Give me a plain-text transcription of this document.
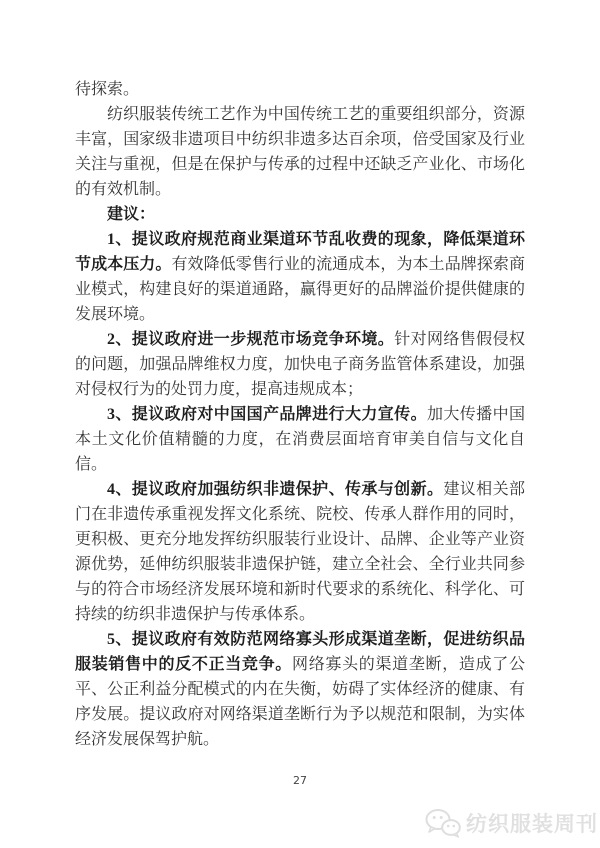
待探索。

纺织服装传统工艺作为中国传统工艺的重要组织部分，资源丰富，国家级非遗项目中纺织非遗多达百余项，倍受国家及行业关注与重视，但是在保护与传承的过程中还缺乏产业化、市场化的有效机制。

建议：

1、提议政府规范商业渠道环节乱收费的现象，降低渠道环节成本压力。有效降低零售行业的流通成本，为本土品牌探索商业模式，构建良好的渠道通路，赢得更好的品牌溢价提供健康的发展环境。

2、提议政府进一步规范市场竞争环境。针对网络售假侵权的问题，加强品牌维权力度，加快电子商务监管体系建设，加强对侵权行为的处罚力度，提高违规成本；

3、提议政府对中国国产品牌进行大力宣传。加大传播中国本土文化价值精髓的力度，在消费层面培育审美自信与文化自信。

4、提议政府加强纺织非遗保护、传承与创新。建议相关部门在非遗传承重视发挥文化系统、院校、传承人群作用的同时，更积极、更充分地发挥纺织服装行业设计、品牌、企业等产业资源优势，延伸纺织服装非遗保护链，建立全社会、全行业共同参与的符合市场经济发展环境和新时代要求的系统化、科学化、可持续的纺织非遗保护与传承体系。

5、提议政府有效防范网络寡头形成渠道垄断，促进纺织品服装销售中的反不正当竞争。网络寡头的渠道垄断，造成了公平、公正利益分配模式的内在失衡，妨碍了实体经济的健康、有序发展。提议政府对网络渠道垄断行为予以规范和限制，为实体经济发展保驾护航。

27
纺织服装周刊
